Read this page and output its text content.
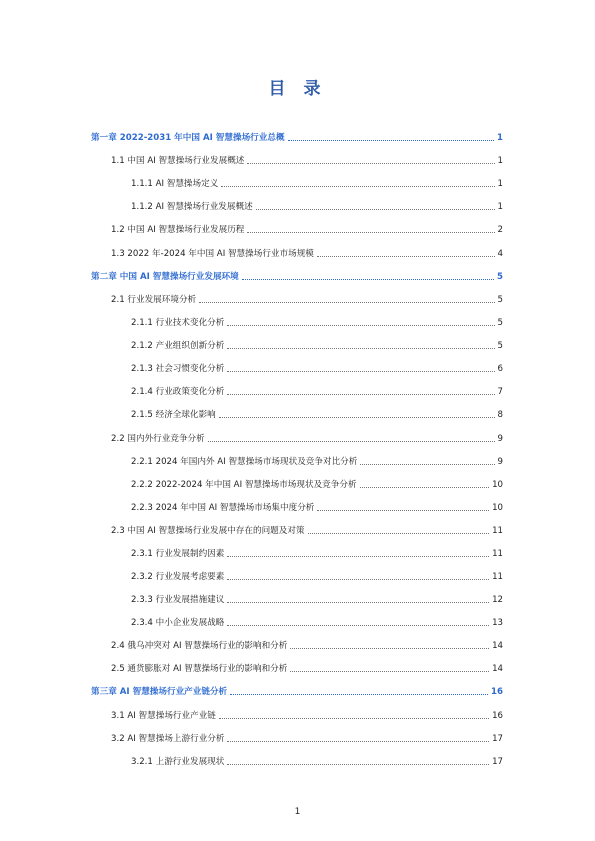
目 录
第一章 2022-2031 年中国 AI 智慧操场行业总概	1
1.1 中国 AI 智慧操场行业发展概述	1
1.1.1 AI 智慧操场定义	1
1.1.2 AI 智慧操场行业发展概述	1
1.2 中国 AI 智慧操场行业发展历程	2
1.3 2022 年-2024 年中国 AI 智慧操场行业市场规模	4
第二章 中国 AI 智慧操场行业发展环境	5
2.1 行业发展环境分析	5
2.1.1 行业技术变化分析	5
2.1.2 产业组织创新分析	5
2.1.3 社会习惯变化分析	6
2.1.4 行业政策变化分析	7
2.1.5 经济全球化影响	8
2.2 国内外行业竞争分析	9
2.2.1 2024 年国内外 AI 智慧操场市场现状及竞争对比分析	9
2.2.2 2022-2024 年中国 AI 智慧操场市场现状及竞争分析	10
2.2.3 2024 年中国 AI 智慧操场市场集中度分析	10
2.3 中国 AI 智慧操场行业发展中存在的问题及对策	11
2.3.1 行业发展制约因素	11
2.3.2 行业发展考虑要素	11
2.3.3 行业发展措施建议	12
2.3.4 中小企业发展战略	13
2.4 俄乌冲突对 AI 智慧操场行业的影响和分析	14
2.5 通货膨胀对 AI 智慧操场行业的影响和分析	14
第三章 AI 智慧操场行业产业链分析	16
3.1 AI 智慧操场行业产业链	16
3.2 AI 智慧操场上游行业分析	17
3.2.1 上游行业发展现状	17
1
